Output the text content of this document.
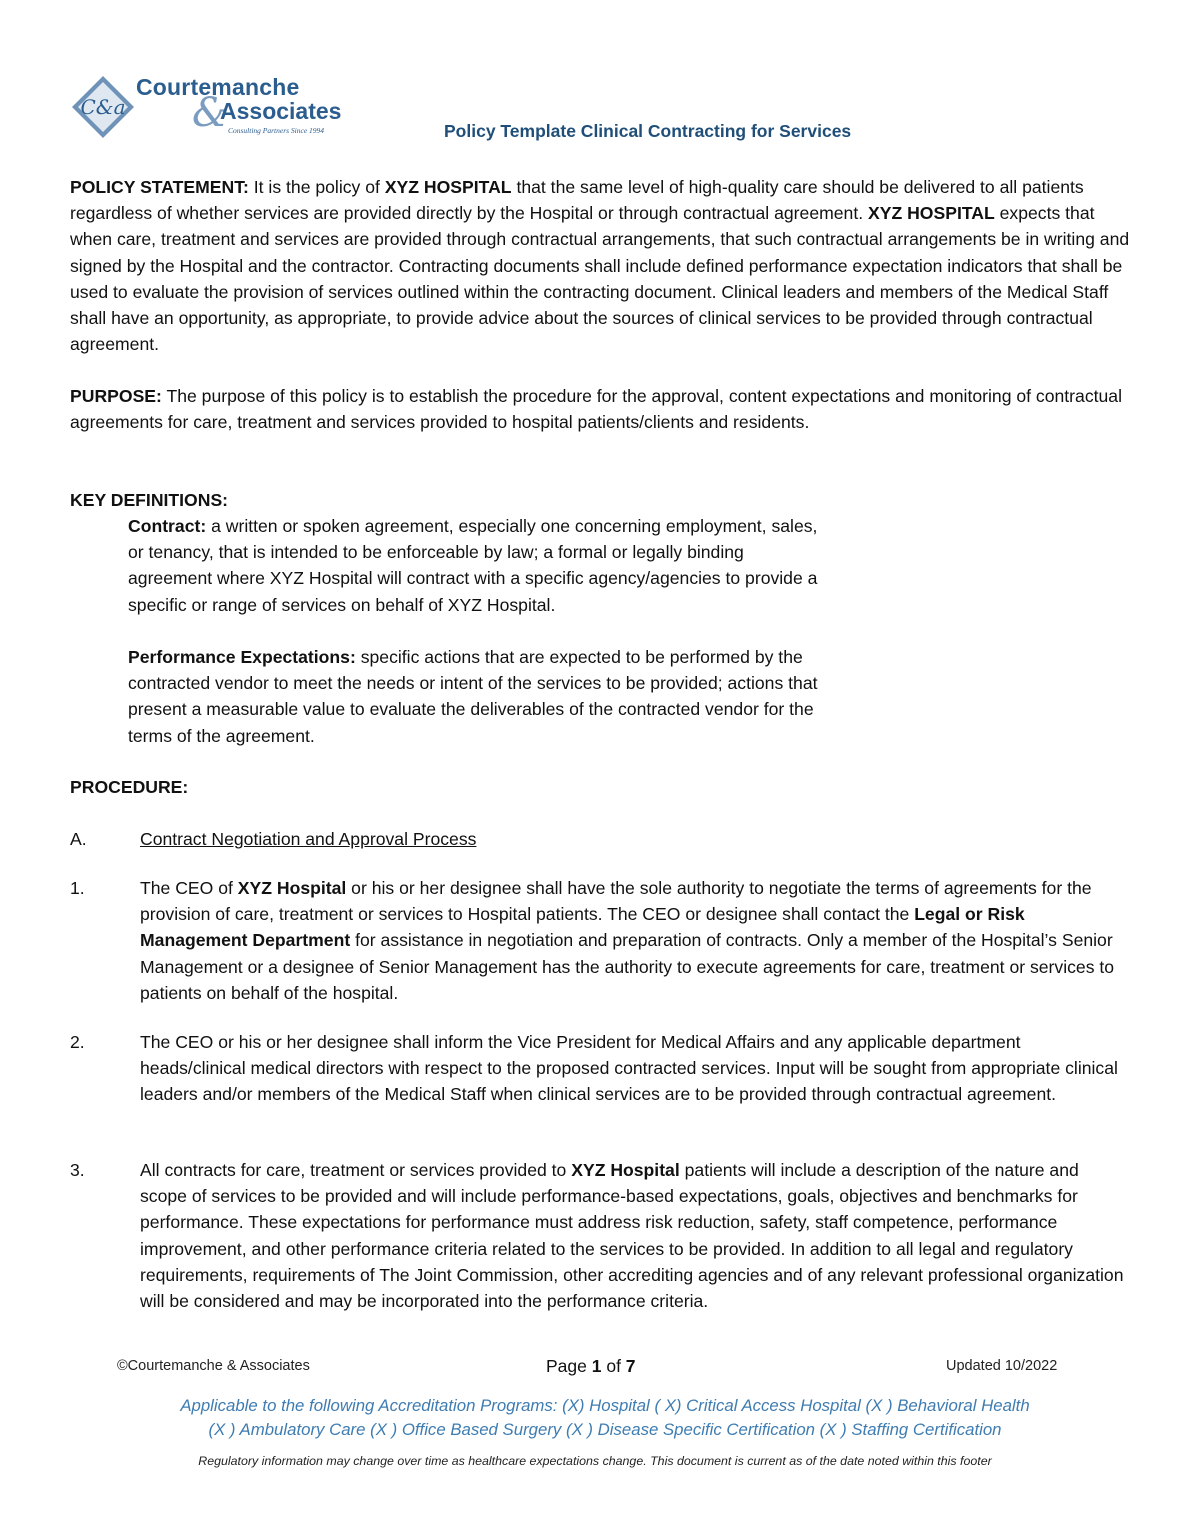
C&a
Courtemanche
&
Associates
Consulting Partners Since 1994	Policy Template Clinical Contracting for Services
POLICY STATEMENT: It is the policy of XYZ HOSPITAL that the same level of high-quality care should be delivered to all patients regardless of whether services are provided directly by the Hospital or through contractual agreement. XYZ HOSPITAL expects that when care, treatment and services are provided through contractual arrangements, that such contractual arrangements be in writing and signed by the Hospital and the contractor. Contracting documents shall include defined performance expectation indicators that shall be used to evaluate the provision of services outlined within the contracting document. Clinical leaders and members of the Medical Staff shall have an opportunity, as appropriate, to provide advice about the sources of clinical services to be provided through contractual agreement.
PURPOSE: The purpose of this policy is to establish the procedure for the approval, content expectations and monitoring of contractual agreements for care, treatment and services provided to hospital patients/clients and residents.
KEY DEFINITIONS:
Contract: a written or spoken agreement, especially one concerning employment, sales, or tenancy, that is intended to be enforceable by law; a formal or legally binding agreement where XYZ Hospital will contract with a specific agency/agencies to provide a specific or range of services on behalf of XYZ Hospital.
Performance Expectations: specific actions that are expected to be performed by the contracted vendor to meet the needs or intent of the services to be provided; actions that present a measurable value to evaluate the deliverables of the contracted vendor for the terms of the agreement.
PROCEDURE:
A.	Contract Negotiation and Approval Process
1.	The CEO of XYZ Hospital or his or her designee shall have the sole authority to negotiate the terms of agreements for the provision of care, treatment or services to Hospital patients. The CEO or designee shall contact the Legal or Risk Management Department for assistance in negotiation and preparation of contracts. Only a member of the Hospital’s Senior Management or a designee of Senior Management has the authority to execute agreements for care, treatment or services to patients on behalf of the hospital.
2.	The CEO or his or her designee shall inform the Vice President for Medical Affairs and any applicable department heads/clinical medical directors with respect to the proposed contracted services. Input will be sought from appropriate clinical leaders and/or members of the Medical Staff when clinical services are to be provided through contractual agreement.
3.	All contracts for care, treatment or services provided to XYZ Hospital patients will include a description of the nature and scope of services to be provided and will include performance-based expectations, goals, objectives and benchmarks for performance. These expectations for performance must address risk reduction, safety, staff competence, performance improvement, and other performance criteria related to the services to be provided. In addition to all legal and regulatory requirements, requirements of The Joint Commission, other accrediting agencies and of any relevant professional organization will be considered and may be incorporated into the performance criteria.
©Courtemanche & Associates	Page 1 of 7	Updated 10/2022
Applicable to the following Accreditation Programs: (X) Hospital ( X) Critical Access Hospital (X ) Behavioral Health
(X ) Ambulatory Care (X ) Office Based Surgery (X ) Disease Specific Certification (X ) Staffing Certification
Regulatory information may change over time as healthcare expectations change. This document is current as of the date noted within this footer
